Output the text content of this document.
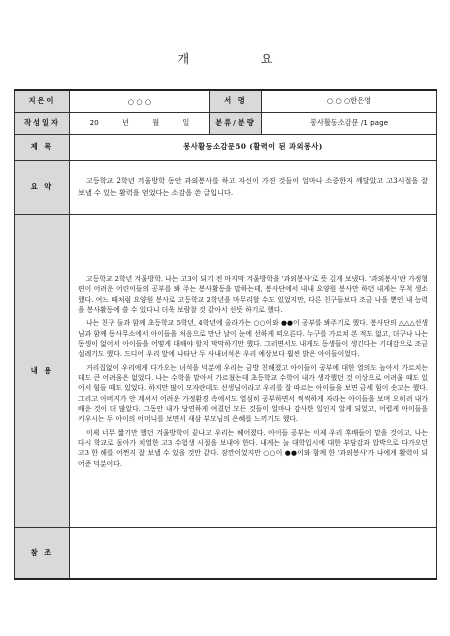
개 요
지은이	○ ○ ○	서 명	○ ○ ○한은영
작성일자	20 년 월 일	분류/분량	봉사활동소감문 /1 page
제 목	봉사활동소감문50 (활력이 된 과외봉사)		
요 약	고등학교 2학년 겨울방학 동안 과외봉사를 하고 자신이 가진 것들이 얼마나 소중한지 깨달았고 고3시절을 잘 보낼 수 있는 활력을 얻었다는 소감을 쓴 글입니다.		

내 용	고등학교 2학년 겨울방학. 나는 고3이 되기 전 마지막 겨울방학을 '과외봉사'로 뜻 깊게 보냈다. '과외봉사'란 가정형편이 어려운 어린이들의 공부를 봐 주는 봉사활동을 말하는데, 봉사단에서 내내 요양원 봉사만 하던 내게는 무척 생소했다. 여느 때처럼 요양원 봉사로 고등학교 2학년을 마무리할 수도 있었지만, 다른 친구들보다 조금 나을 뿐인 내 능력을 봉사활동에 쓸 수 있다니 더욱 보람찰 것 같아서 선뜻 하기로 했다.

나는 친구 둘과 함께 초등학교 5학년, 4학년에 올라가는 ○○이와 ●●이 공부를 봐주기로 했다. 봉사단의 △△△선생님과 함께 동사무소에서 아이들을 처음으로 만난 날이 눈에 선하게 떠오른다. 누구를 가르쳐 본 적도 없고, 더구나 나는 동생이 없어서 아이들을 어떻게 대해야 할지 막막하기만 했다. 그러면서도 내게도 동생들이 생긴다는 기대감으로 조금 설레기도 했다. 드디어 우리 앞에 나타난 두 사내녀석은 우리 예상보다 훨씬 밝은 아이들이었다.

거리집없이 우리에게 다가오는 녀석을 덕분에 우리는 금방 친해졌고 아이들이 공부에 대한 열의도 높아서 가르치는 데도 큰 어려움은 없었다. 나는 수학을 맡아서 가르쳤는데 초등학교 수학이 내가 생각했던 것 이상으로 어려울 때도 있어서 힘들 때도 있었다. 하지만 많이 모자란데도 선생님이라고 우리를 잘 따르는 아이들을 보면 금세 힘이 솟고는 했다. 그리고 아버지가 안 계셔서 어려운 가정환경 속에서도 열심히 공부하면서 씩씩하게 자라는 아이들을 보며 오히려 내가 배운 것이 더 많았다. 그동안 내가 당연하게 여겼던 모든 것들이 얼마나 감사한 일인지 알게 되었고, 어렵게 아이들을 키우시는 두 아이의 어머니를 보면서 새삼 부모님의 은혜를 느끼기도 했다.

이제 너무 짧기만 했던 겨울방학이 끝나고 우리는 헤어졌다. 아이들 공부는 이제 우리 후배들이 맡을 것이고, 나는 다시 학교로 돌아가 치열한 고3 수험생 시절을 보내야 한다. 내게는 늘 대학입시에 대한 부담감과 압박으로 다가오던 고3 한 해를 어쩐지 잘 보낼 수 있을 것만 같다. 잠깐이었지만 ○○이 ●●이와 함께 한 '과외봉사'가 나에게 활력이 되어준 덕분이다.		

참 조			
